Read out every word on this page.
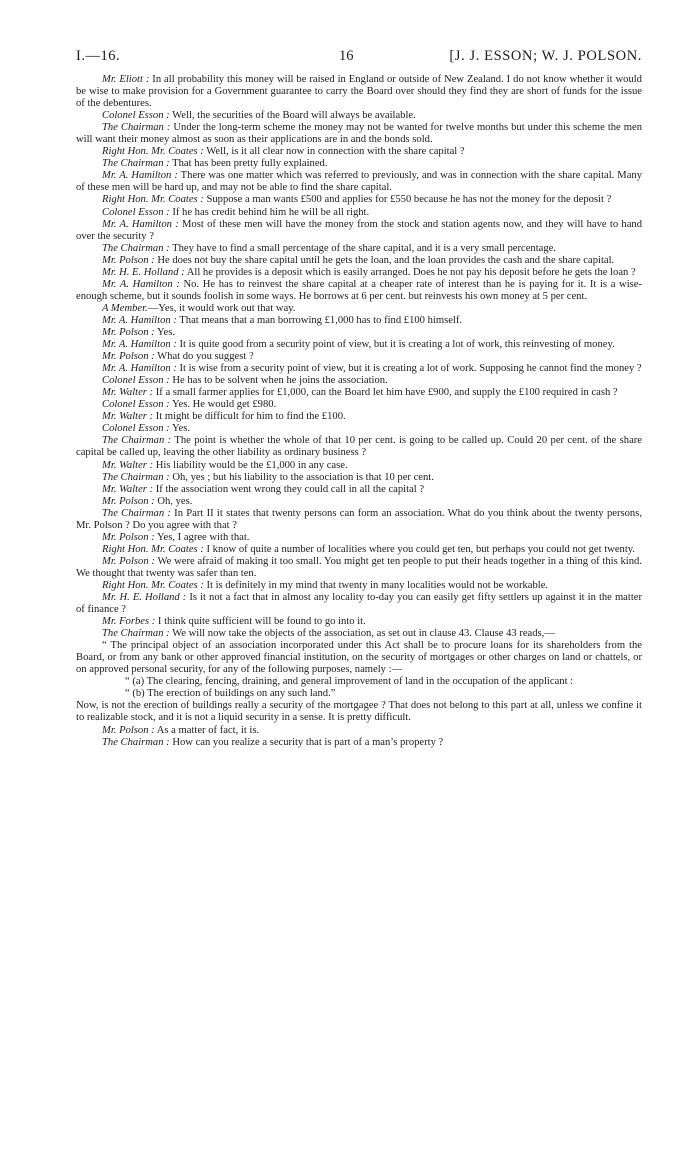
I.—16.	16	[J. J. ESSON; W. J. POLSON.

Mr. Eliott : In all probability this money will be raised in England or outside of New Zealand. I do not know whether it would be wise to make provision for a Government guarantee to carry the Board over should they find they are short of funds for the issue of the debentures.

Colonel Esson : Well, the securities of the Board will always be available.

The Chairman : Under the long-term scheme the money may not be wanted for twelve months but under this scheme the men will want their money almost as soon as their applications are in and the bonds sold.

Right Hon. Mr. Coates : Well, is it all clear now in connection with the share capital ?

The Chairman : That has been pretty fully explained.

Mr. A. Hamilton : There was one matter which was referred to previously, and was in connection with the share capital. Many of these men will be hard up, and may not be able to find the share capital.

Right Hon. Mr. Coates : Suppose a man wants £500 and applies for £550 because he has not the money for the deposit ?

Colonel Esson : If he has credit behind him he will be all right.

Mr. A. Hamilton : Most of these men will have the money from the stock and station agents now, and they will have to hand over the security ?

The Chairman : They have to find a small percentage of the share capital, and it is a very small percentage.

Mr. Polson : He does not buy the share capital until he gets the loan, and the loan provides the cash and the share capital.

Mr. H. E. Holland : All he provides is a deposit which is easily arranged. Does he not pay his deposit before he gets the loan ?

Mr. A. Hamilton : No. He has to reinvest the share capital at a cheaper rate of interest than he is paying for it. It is a wise-enough scheme, but it sounds foolish in some ways. He borrows at 6 per cent. but reinvests his own money at 5 per cent.

A Member.—Yes, it would work out that way.

Mr. A. Hamilton : That means that a man borrowing £1,000 has to find £100 himself.

Mr. Polson : Yes.

Mr. A. Hamilton : It is quite good from a security point of view, but it is creating a lot of work, this reinvesting of money.

Mr. Polson : What do you suggest ?

Mr. A. Hamilton : It is wise from a security point of view, but it is creating a lot of work. Supposing he cannot find the money ?

Colonel Esson : He has to be solvent when he joins the association.

Mr. Walter : If a small farmer applies for £1,000, can the Board let him have £900, and supply the £100 required in cash ?

Colonel Esson : Yes. He would get £980.

Mr. Walter : It might be difficult for him to find the £100.

Colonel Esson : Yes.

The Chairman : The point is whether the whole of that 10 per cent. is going to be called up. Could 20 per cent. of the share capital be called up, leaving the other liability as ordinary business ?

Mr. Walter : His liability would be the £1,000 in any case.

The Chairman : Oh, yes ; but his liability to the association is that 10 per cent.

Mr. Walter : If the association went wrong they could call in all the capital ?

Mr. Polson : Oh, yes.

The Chairman : In Part II it states that twenty persons can form an association. What do you think about the twenty persons, Mr. Polson ? Do you agree with that ?

Mr. Polson : Yes, I agree with that.

Right Hon. Mr. Coates : I know of quite a number of localities where you could get ten, but perhaps you could not get twenty.

Mr. Polson : We were afraid of making it too small. You might get ten people to put their heads together in a thing of this kind. We thought that twenty was safer than ten.

Right Hon. Mr. Coates : It is definitely in my mind that twenty in many localities would not be workable.

Mr. H. E. Holland : Is it not a fact that in almost any locality to-day you can easily get fifty settlers up against it in the matter of finance ?

Mr. Forbes : I think quite sufficient will be found to go into it.

The Chairman : We will now take the objects of the association, as set out in clause 43. Clause 43 reads,—

“ The principal object of an association incorporated under this Act shall be to procure loans for its shareholders from the Board, or from any bank or other approved financial institution, on the security of mortgages or other charges on land or chattels, or on approved personal security, for any of the following purposes, namely :—

“ (a) The clearing, fencing, draining, and general improvement of land in the occupation of the applicant :

“ (b) The erection of buildings on any such land.”

Now, is not the erection of buildings really a security of the mortgagee ? That does not belong to this part at all, unless we confine it to realizable stock, and it is not a liquid security in a sense. It is pretty difficult.

Mr. Polson : As a matter of fact, it is.

The Chairman : How can you realize a security that is part of a man’s property ?
